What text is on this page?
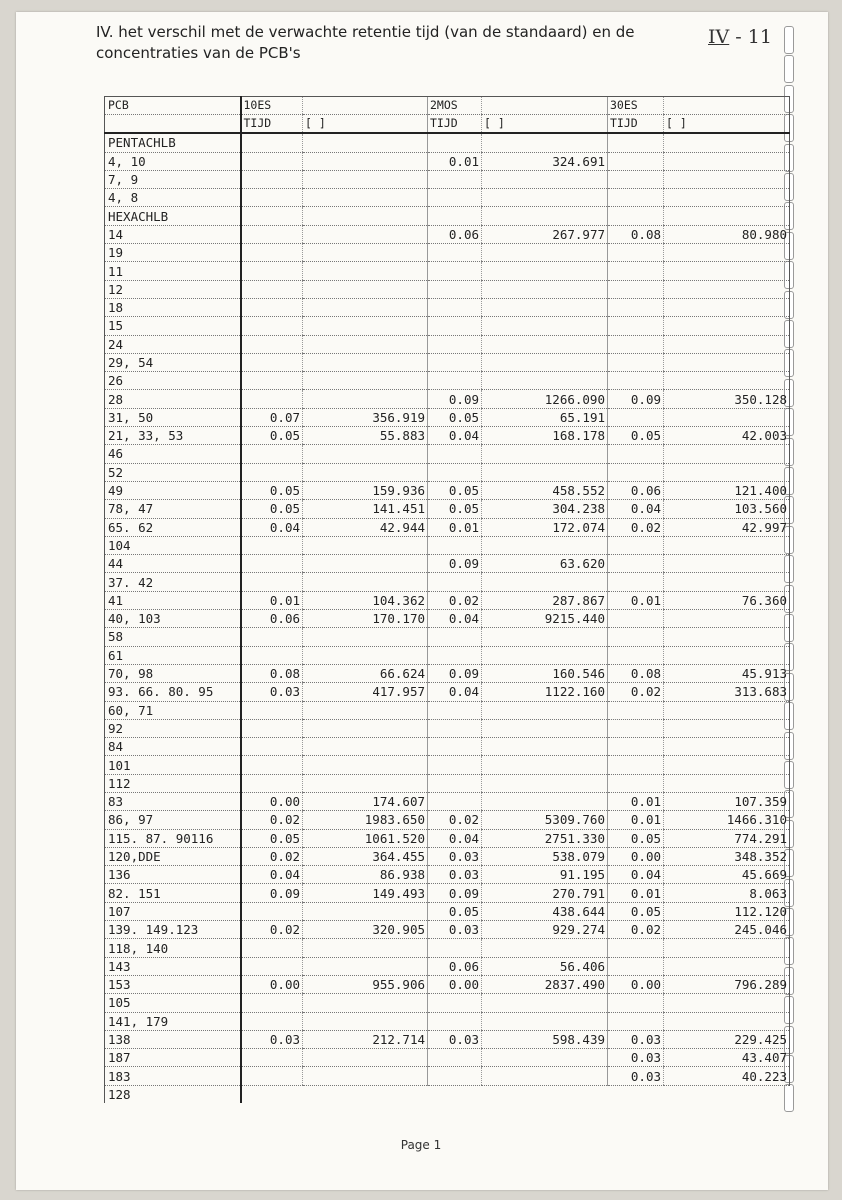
IV. het verschil met de verwachte retentie tijd (van de standaard) en de
concentraties van de PCB's
IV - 11
PCB	10ES		2MOS		30ES	
	TIJD	[ ]	TIJD	[ ]	TIJD	[ ]
PENTACHLB						
4, 10			0.01	324.691		
7, 9						
4, 8						
HEXACHLB						
14			0.06	267.977	0.08	80.980
19						
11						
12						
18						
15						
24						
29, 54						
26						
28			0.09	1266.090	0.09	350.128
31, 50	0.07	356.919	0.05	65.191		
21, 33, 53	0.05	55.883	0.04	168.178	0.05	42.003
46						
52						
49	0.05	159.936	0.05	458.552	0.06	121.400
78, 47	0.05	141.451	0.05	304.238	0.04	103.560
65. 62	0.04	42.944	0.01	172.074	0.02	42.997
104						
44			0.09	63.620		
37. 42						
41	0.01	104.362	0.02	287.867	0.01	76.360
40, 103	0.06	170.170	0.04	9215.440		
58						
61						
70, 98	0.08	66.624	0.09	160.546	0.08	45.913
93. 66. 80. 95	0.03	417.957	0.04	1122.160	0.02	313.683
60, 71						
92						
84						
101						
112						
83	0.00	174.607			0.01	107.359
86, 97	0.02	1983.650	0.02	5309.760	0.01	1466.310
115. 87. 90116	0.05	1061.520	0.04	2751.330	0.05	774.291
120,DDE	0.02	364.455	0.03	538.079	0.00	348.352
136	0.04	86.938	0.03	91.195	0.04	45.669
82. 151	0.09	149.493	0.09	270.791	0.01	8.063
107			0.05	438.644	0.05	112.120
139. 149.123	0.02	320.905	0.03	929.274	0.02	245.046
118, 140						
143			0.06	56.406		
153	0.00	955.906	0.00	2837.490	0.00	796.289
105						
141, 179						
138	0.03	212.714	0.03	598.439	0.03	229.425
187					0.03	43.407
183					0.03	40.223
128						
Page 1
